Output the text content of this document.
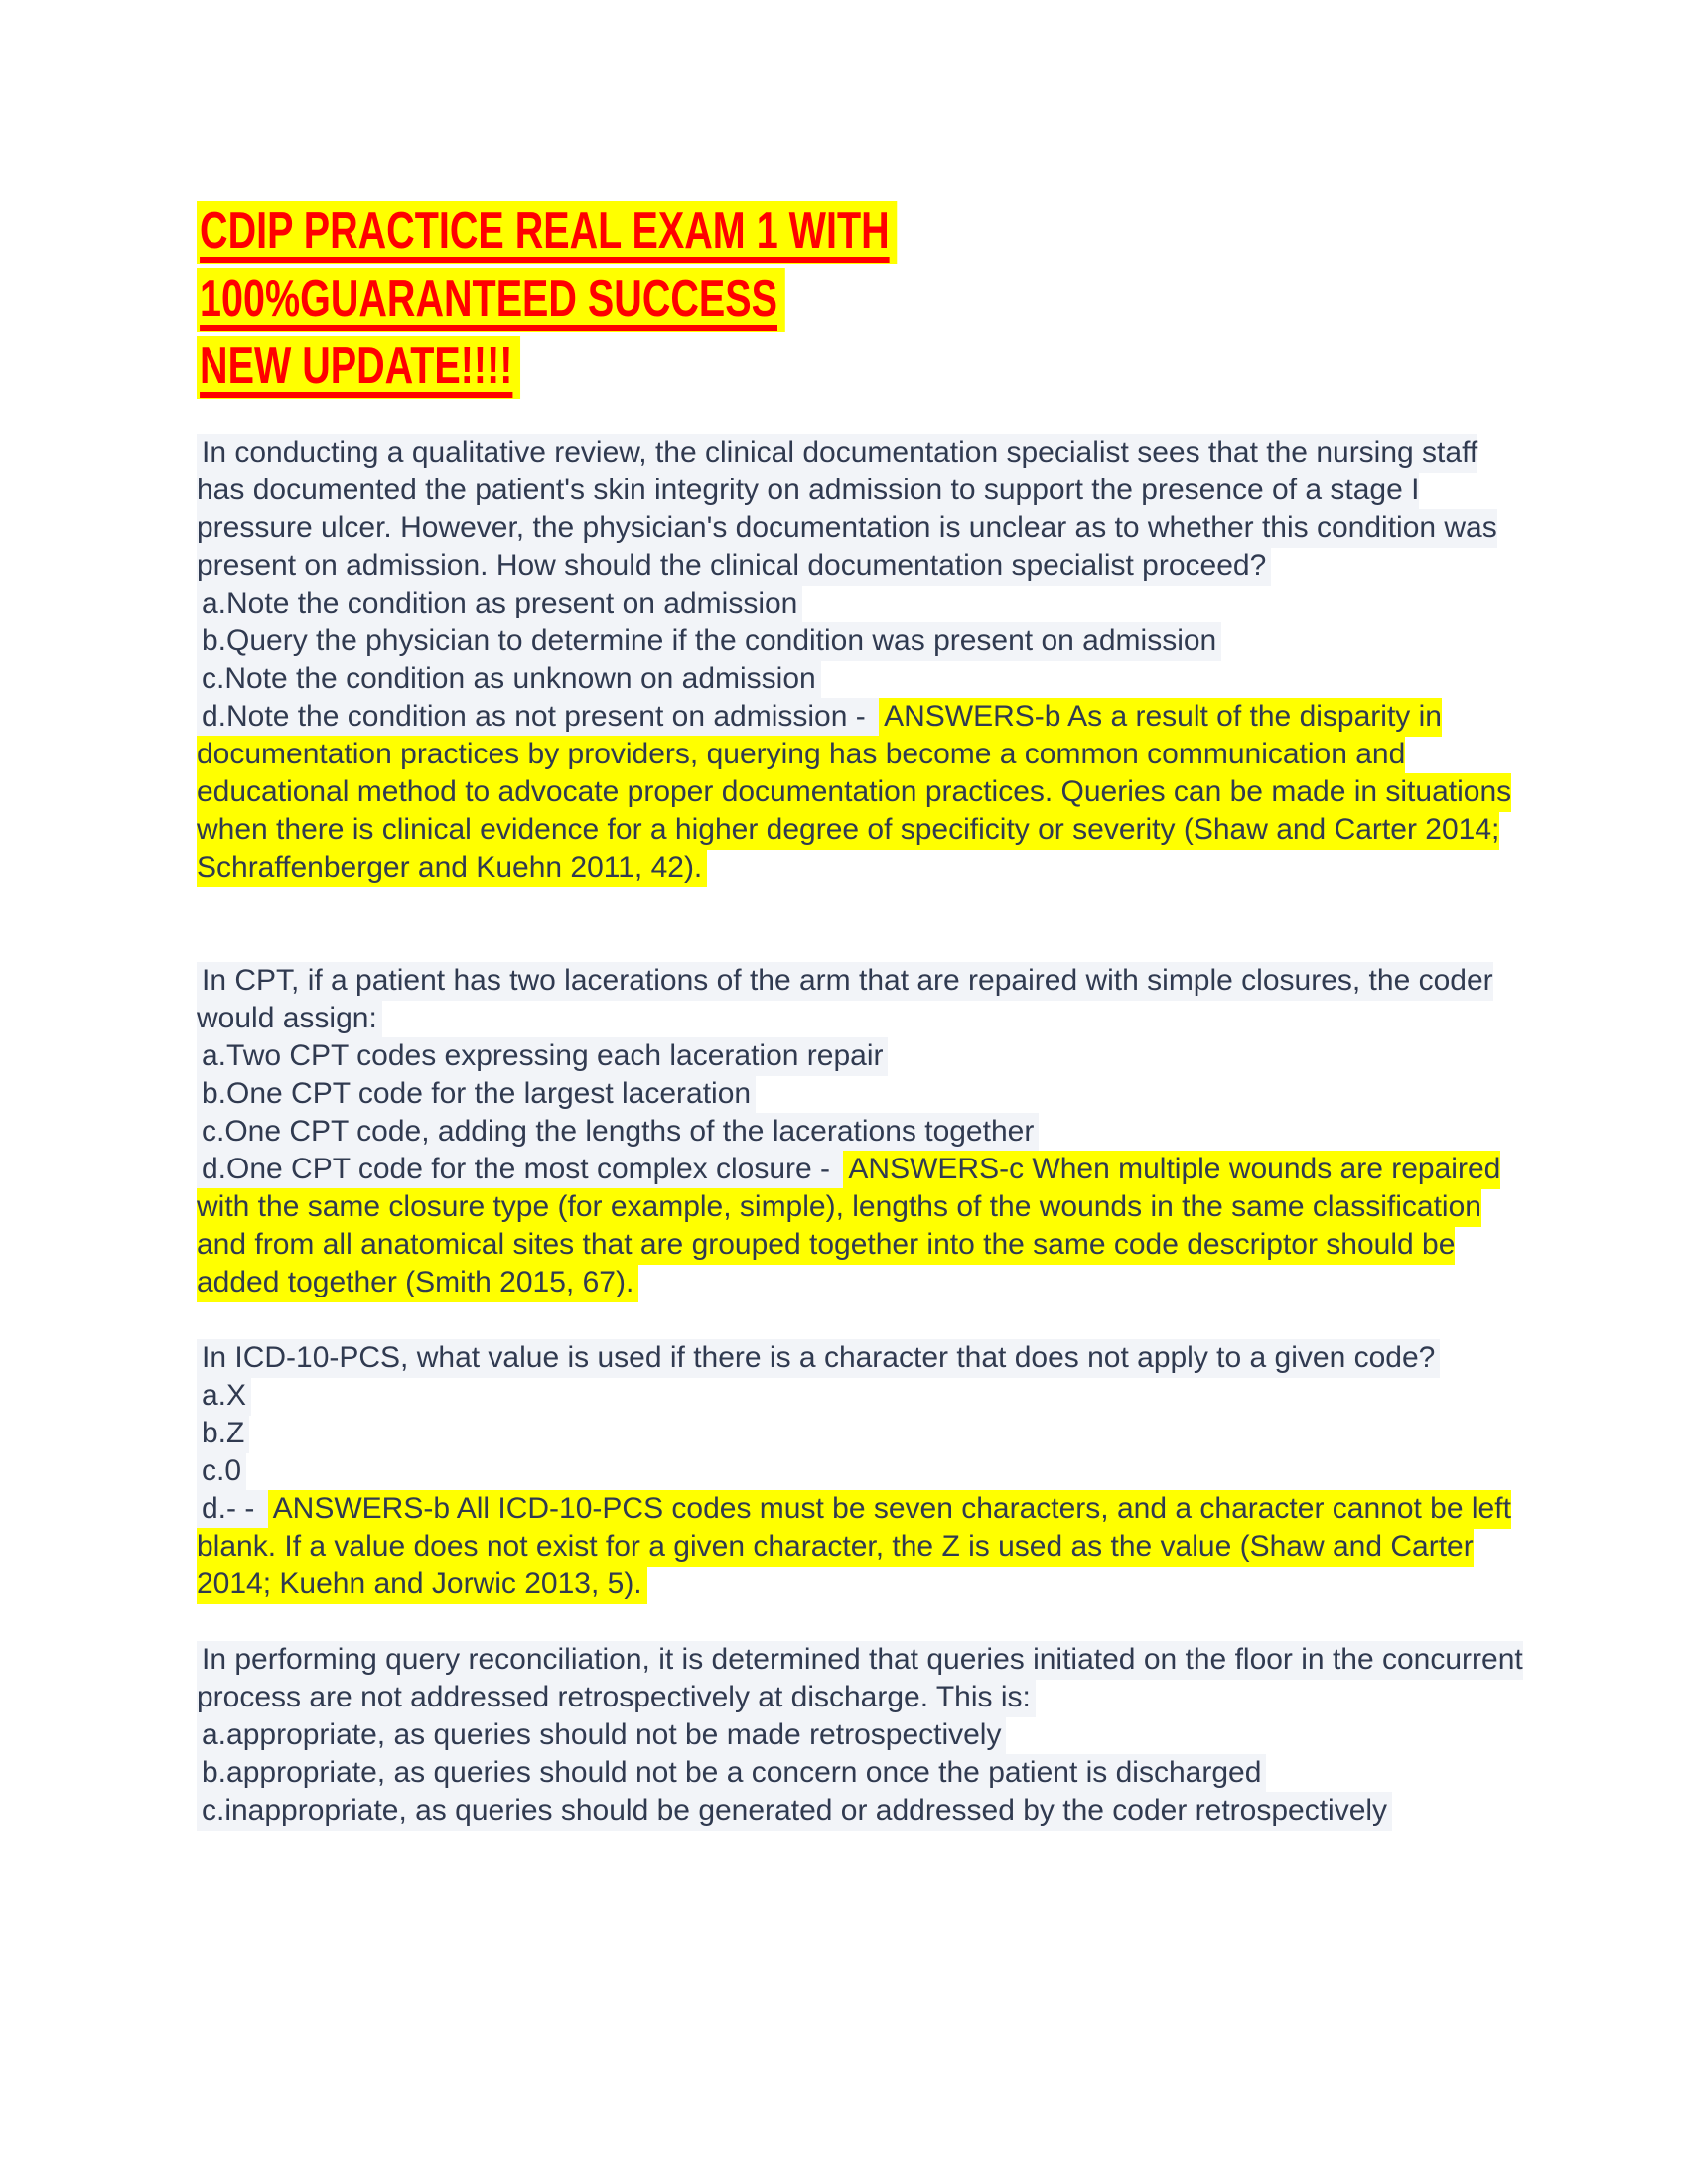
CDIP PRACTICE REAL EXAM 1 WITH
100%GUARANTEED SUCCESS
NEW UPDATE!!!!

In conducting a qualitative review, the clinical documentation specialist sees that the nursing staff has documented the patient's skin integrity on admission to support the presence of a stage I pressure ulcer. However, the physician's documentation is unclear as to whether this condition was present on admission. How should the clinical documentation specialist proceed?
a.Note the condition as present on admission
b.Query the physician to determine if the condition was present on admission
c.Note the condition as unknown on admission
d.Note the condition as not present on admission - ANSWERS-b As a result of the disparity in documentation practices by providers, querying has become a common communication and educational method to advocate proper documentation practices. Queries can be made in situations when there is clinical evidence for a higher degree of specificity or severity (Shaw and Carter 2014; Schraffenberger and Kuehn 2011, 42).

In CPT, if a patient has two lacerations of the arm that are repaired with simple closures, the coder would assign:
a.Two CPT codes expressing each laceration repair
b.One CPT code for the largest laceration
c.One CPT code, adding the lengths of the lacerations together
d.One CPT code for the most complex closure - ANSWERS-c When multiple wounds are repaired with the same closure type (for example, simple), lengths of the wounds in the same classification and from all anatomical sites that are grouped together into the same code descriptor should be added together (Smith 2015, 67).

In ICD-10-PCS, what value is used if there is a character that does not apply to a given code?
a.X
b.Z
c.0
d.- - ANSWERS-b All ICD-10-PCS codes must be seven characters, and a character cannot be left blank. If a value does not exist for a given character, the Z is used as the value (Shaw and Carter 2014; Kuehn and Jorwic 2013, 5).

In performing query reconciliation, it is determined that queries initiated on the floor in the concurrent process are not addressed retrospectively at discharge. This is:
a.appropriate, as queries should not be made retrospectively
b.appropriate, as queries should not be a concern once the patient is discharged
c.inappropriate, as queries should be generated or addressed by the coder retrospectively
